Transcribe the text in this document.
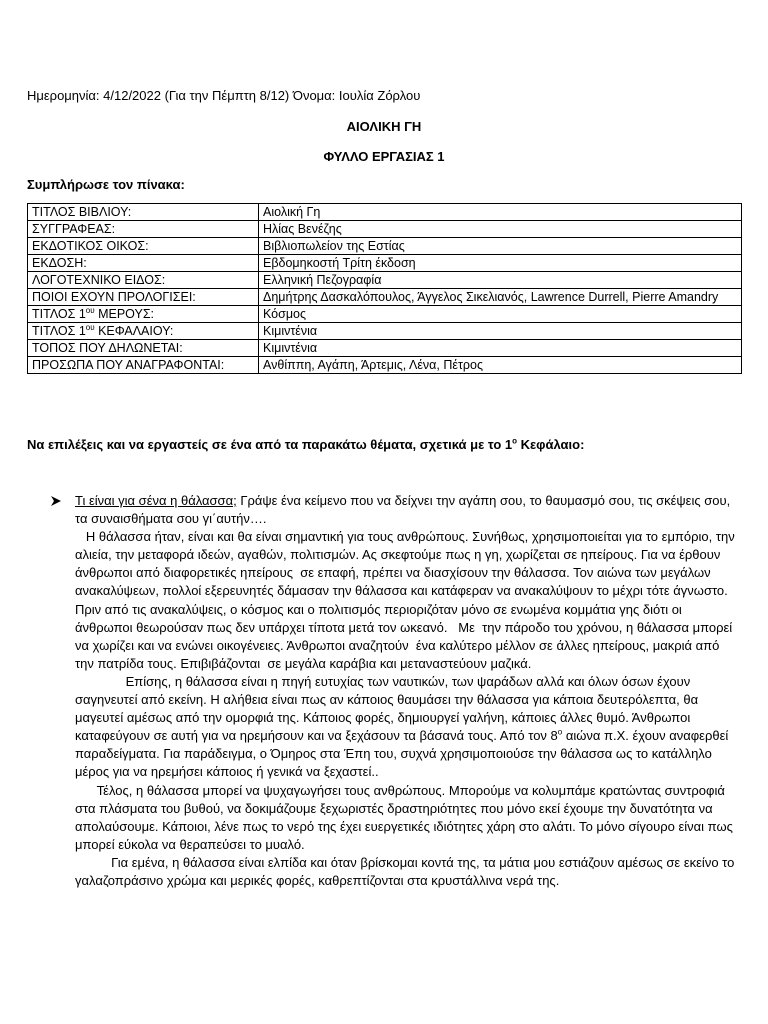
Ημερομηνία: 4/12/2022 (Για την Πέμπτη 8/12) Όνομα: Ιουλία Ζόρλου
ΑΙΟΛΙΚΗ ΓΗ
ΦΥΛΛΟ ΕΡΓΑΣΙΑΣ 1
Συμπλήρωσε τον πίνακα:
ΤΙΤΛΟΣ ΒΙΒΛΙΟΥ:	Αιολική Γη
ΣΥΓΓΡΑΦΕΑΣ:	Ηλίας Βενέζης
ΕΚΔΟΤΙΚΟΣ ΟΙΚΟΣ:	Βιβλιοπωλείον της Εστίας
ΕΚΔΟΣΗ:	Εβδομηκοστή Τρίτη έκδοση
ΛΟΓΟΤΕΧΝΙΚΟ ΕΙΔΟΣ:	Ελληνική Πεζογραφία
ΠΟΙΟΙ ΕΧΟΥΝ ΠΡΟΛΟΓΙΣΕΙ:	Δημήτρης Δασκαλόπουλος, Άγγελος Σικελιανός, Lawrence Durrell, Pierre Amandry
ΤΙΤΛΟΣ $1^{o\upsilon}$ ΜΕΡΟΥΣ:	Κόσμος
ΤΙΤΛΟΣ $1^{o\upsilon}$ ΚΕΦΑΛΑΙΟΥ:	Κιμιντένια
ΤΟΠΟΣ ΠΟΥ ΔΗΛΩΝΕΤΑΙ:	Κιμιντένια
ΠΡΟΣΩΠΑ ΠΟΥ ΑΝΑΓΡΑΦΟΝΤΑΙ:	Ανθίππη, Αγάπη, Άρτεμις, Λένα, Πέτρος
Να επιλέξεις και να εργαστείς σε ένα από τα παρακάτω θέματα, σχετικά με το $1^o$ Κεφάλαιο:

Τι είναι για σένα η θάλασσα; Γράψε ένα κείμενο που να δείχνει την αγάπη σου, το θαυμασμό σου, τις σκέψεις σου, τα συναισθήματα σου γι΄αυτήν….

Η θάλασσα ήταν, είναι και θα είναι σημαντική για τους ανθρώπους. Συνήθως, χρησιμοποιείται για το εμπόριο, την αλιεία, την μεταφορά ιδεών, αγαθών, πολιτισμών. Ας σκεφτούμε πως η γη, χωρίζεται σε ηπείρους. Για να έρθουν άνθρωποι από διαφορετικές ηπείρους  σε επαφή, πρέπει να διασχίσουν την θάλασσα. Τον αιώνα των μεγάλων ανακαλύψεων, πολλοί εξερευνητές δάμασαν την θάλασσα και κατάφεραν να ανακαλύψουν το μέχρι τότε άγνωστο. Πριν από τις ανακαλύψεις, ο κόσμος και ο πολιτισμός περιοριζόταν μόνο σε ενωμένα κομμάτια γης διότι οι άνθρωποι θεωρούσαν πως δεν υπάρχει τίποτα μετά τον ωκεανό.   Με  την πάροδο του χρόνου, η θάλασσα μπορεί να χωρίζει και να ενώνει οικογένειες. Άνθρωποι αναζητούν  ένα καλύτερο μέλλον σε άλλες ηπείρους, μακριά από την πατρίδα τους. Επιβιβάζονται  σε μεγάλα καράβια και μεταναστεύουν μαζικά.

Επίσης, η θάλασσα είναι η πηγή ευτυχίας των ναυτικών, των ψαράδων αλλά και όλων όσων έχουν σαγηνευτεί από εκείνη. Η αλήθεια είναι πως αν κάποιος θαυμάσει την θάλασσα για κάποια δευτερόλεπτα, θα μαγευτεί αμέσως από την ομορφιά της. Κάποιος φορές, δημιουργεί γαλήνη, κάποιες άλλες θυμό. Άνθρωποι καταφεύγουν σε αυτή για να ηρεμήσουν και να ξεχάσουν τα βάσανά τους. Από τον $8^o$ αιώνα π.Χ. έχουν αναφερθεί παραδείγματα. Για παράδειγμα, ο Όμηρος στα Έπη του, συχνά χρησιμοποιούσε την θάλασσα ως το κατάλληλο μέρος για να ηρεμήσει κάποιος ή γενικά να ξεχαστεί..

Τέλος, η θάλασσα μπορεί να ψυχαγωγήσει τους ανθρώπους. Μπορούμε να κολυμπάμε κρατώντας συντροφιά στα πλάσματα του βυθού, να δοκιμάζουμε ξεχωριστές δραστηριότητες που μόνο εκεί έχουμε την δυνατότητα να απολαύσουμε. Κάποιοι, λένε πως το νερό της έχει ευεργετικές ιδιότητες χάρη στο αλάτι. Το μόνο σίγουρο είναι πως μπορεί εύκολα να θεραπεύσει το μυαλό.

Για εμένα, η θάλασσα είναι ελπίδα και όταν βρίσκομαι κοντά της, τα μάτια μου εστιάζουν αμέσως σε εκείνο το γαλαζοπράσινο χρώμα και μερικές φορές, καθρεπτίζονται στα κρυστάλλινα νερά της.
